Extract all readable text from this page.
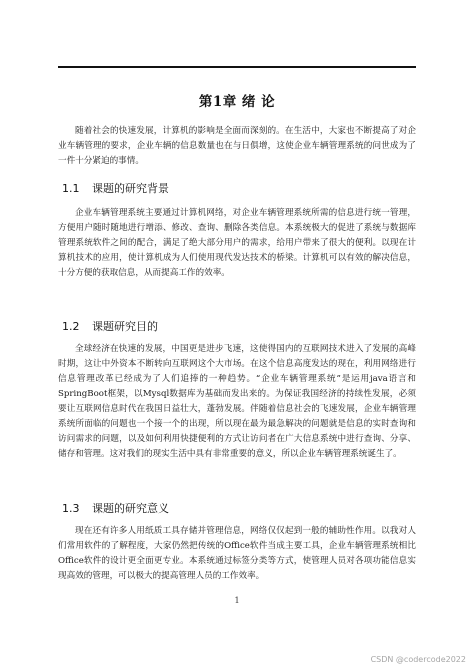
第1章 绪 论

随着社会的快速发展，计算机的影响是全面而深刻的。在生活中，大家也不断提高了对企业车辆管理的要求，企业车辆的信息数量也在与日俱增，这使企业车辆管理系统的问世成为了一件十分紧迫的事情。

1.1 课题的研究背景

企业车辆管理系统主要通过计算机网络，对企业车辆管理系统所需的信息进行统一管理，方便用户随时随地进行增添、修改、查询、删除各类信息。本系统极大的促进了系统与数据库管理系统软件之间的配合，满足了绝大部分用户的需求，给用户带来了很大的便利。以现在计算机技术的应用，使计算机成为人们使用现代发达技术的桥梁。计算机可以有效的解决信息，十分方便的获取信息，从而提高工作的效率。

1.2 课题研究目的

全球经济在快速的发展，中国更是进步飞速，这使得国内的互联网技术进入了发展的高峰时期，这让中外资本不断转向互联网这个大市场。在这个信息高度发达的现在，利用网络进行信息管理改革已经成为了人们追捧的一种趋势。“企业车辆管理系统”是运用java语言和SpringBoot框架，以Mysql数据库为基础而发出来的。为保证我国经济的持续性发展，必须要让互联网信息时代在我国日益壮大，蓬勃发展。伴随着信息社会的飞速发展，企业车辆管理系统所面临的问题也一个接一个的出现，所以现在最为最急解决的问题就是信息的实时查询和访问需求的问题，以及如何利用快捷便利的方式让访问者在广大信息系统中进行查询、分享、储存和管理。这对我们的现实生活中具有非常重要的意义，所以企业车辆管理系统诞生了。

1.3 课题的研究意义

现在还有许多人用纸质工具存储并管理信息，网络仅仅起到一般的辅助性作用。以我对人们常用软件的了解程度，大家仍然把传统的Office软件当成主要工具，企业车辆管理系统相比Office软件的设计更全面更专业。本系统通过标签分类等方式，使管理人员对各项功能信息实现高效的管理，可以极大的提高管理人员的工作效率。

1
CSDN @codercode2022
